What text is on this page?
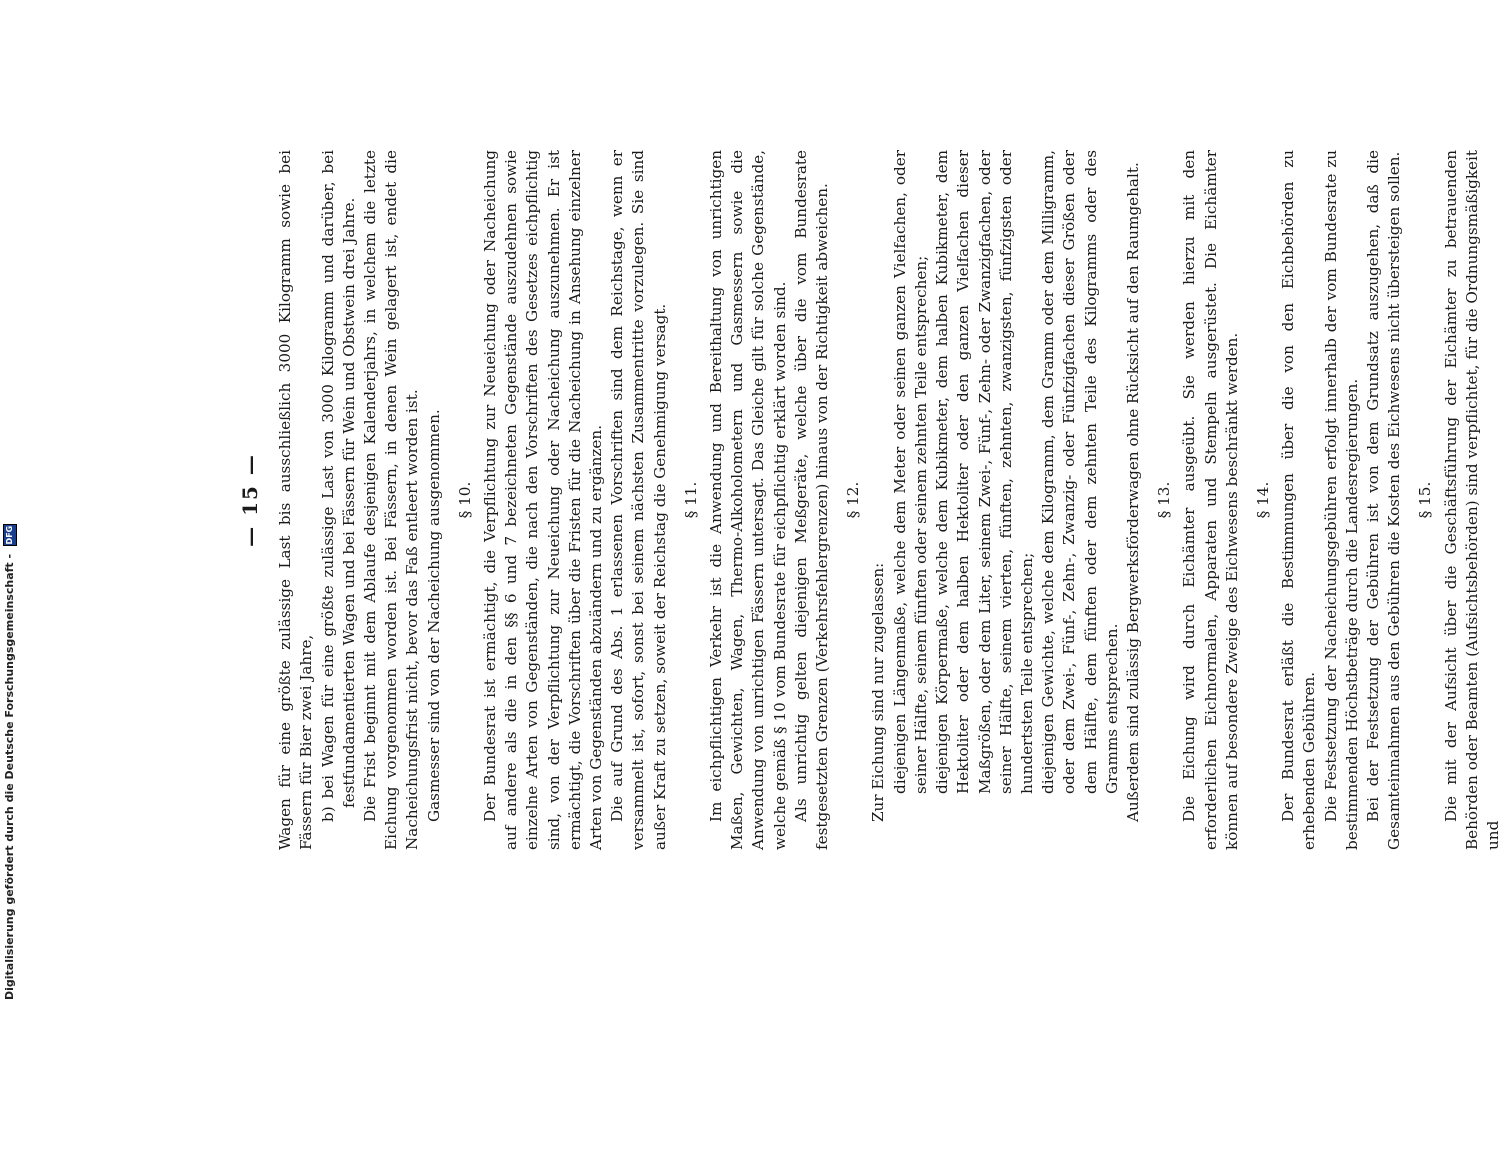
— 15 — Wagen für eine größte zulässige Last bis ausschließlich 3000 Kilogramm sowie bei Fässern für Bier zwei Jahre, b) bei Wagen für eine größte zulässige Last von 3000 Kilogramm und darüber, bei festfundamentierten Wagen und bei Fässern für Wein und Obstwein drei Jahre. Die Frist beginnt mit dem Ablaufe desjenigen Kalenderjahrs, in welchem die letzte Eichung vorgenommen worden ist. Bei Fässern, in denen Wein gelagert ist, endet die Nacheichungsfrist nicht, bevor das Faß entleert worden ist. Gasmesser sind von der Nacheichung ausgenommen. § 10. Der Bundesrat ist ermächtigt, die Verpflichtung zur Neueichung oder Nacheichung auf andere als die in den §§ 6 und 7 bezeichneten Gegenstände auszudehnen sowie einzelne Arten von Gegenständen, die nach den Vorschriften des Gesetzes eichpflichtig sind, von der Verpflichtung zur Neueichung oder Nacheichung auszunehmen. Er ist ermächtigt, die Vorschriften über die Fristen für die Nacheichung in Ansehung einzelner Arten von Gegenständen abzuändern und zu ergänzen. Die auf Grund des Abs. 1 erlassenen Vorschriften sind dem Reichstage, wenn er versammelt ist, sofort, sonst bei seinem nächsten Zusammentritte vorzulegen. Sie sind außer Kraft zu setzen, soweit der Reichstag die Genehmigung versagt. § 11. Im eichpflichtigen Verkehr ist die Anwendung und Bereithaltung von unrichtigen Maßen, Gewichten, Wagen, Thermo-Alkoholometern und Gasmessern sowie die Anwendung von unrichtigen Fässern untersagt. Das Gleiche gilt für solche Gegenstände, welche gemäß § 10 vom Bundesrate für eichpflichtig erklärt worden sind. Als unrichtig gelten diejenigen Meßgeräte, welche über die vom Bundesrate festgesetzten Grenzen (Verkehrsfehlergrenzen) hinaus von der Richtigkeit abweichen. § 12.

Zur Eichung sind nur zugelassen: diejenigen Längenmaße, welche dem Meter oder seinen ganzen Vielfachen, oder seiner Hälfte, seinem fünften oder seinem zehnten Teile entsprechen; diejenigen Körpermaße, welche dem Kubikmeter, dem halben Kubikmeter, dem Hektoliter oder dem halben Hektoliter oder den ganzen Vielfachen dieser Maßgrößen, oder dem Liter, seinem Zwei-, Fünf-, Zehn- oder Zwanzigfachen, oder seiner Hälfte, seinem vierten, fünften, zehnten, zwanzigsten, fünfzigsten oder hundertsten Teile entsprechen; diejenigen Gewichte, welche dem Kilogramm, dem Gramm oder dem Milligramm, oder dem Zwei-, Fünf-, Zehn-, Zwanzig- oder Fünfzigfachen dieser Größen oder dem Hälfte, dem fünften oder dem zehnten Teile des Kilogramms oder des Gramms entsprechen. Außerdem sind zulässig Bergwerksförderwagen ohne Rücksicht auf den Raumgehalt. § 13. Die Eichung wird durch Eichämter ausgeübt. Sie werden hierzu mit den erforderlichen Eichnormalen, Apparaten und Stempeln ausgerüstet. Die Eichämter können auf besondere Zweige des Eichwesens beschränkt werden. § 14. Der Bundesrat erläßt die Bestimmungen über die von den Eichbehörden zu erhebenden Gebühren. Die Festsetzung der Nacheichungsgebühren erfolgt innerhalb der vom Bundesrate zu bestimmenden Höchstbeträge durch die Landesregierungen. Bei der Festsetzung der Gebühren ist von dem Grundsatz auszugehen, daß die Gesamteinnahmen aus den Gebühren die Kosten des Eichwesens nicht übersteigen sollen. § 15. Die mit der Aufsicht über die Geschäftsführung der Eichämter zu betrauenden Behörden oder Beamten (Aufsichtsbehörden) sind verpflichtet, für die Ordnungsmäßigkeit und

Digitalisierung gefördert durch die Deutsche Forschungsgemeinschaft - DFG
